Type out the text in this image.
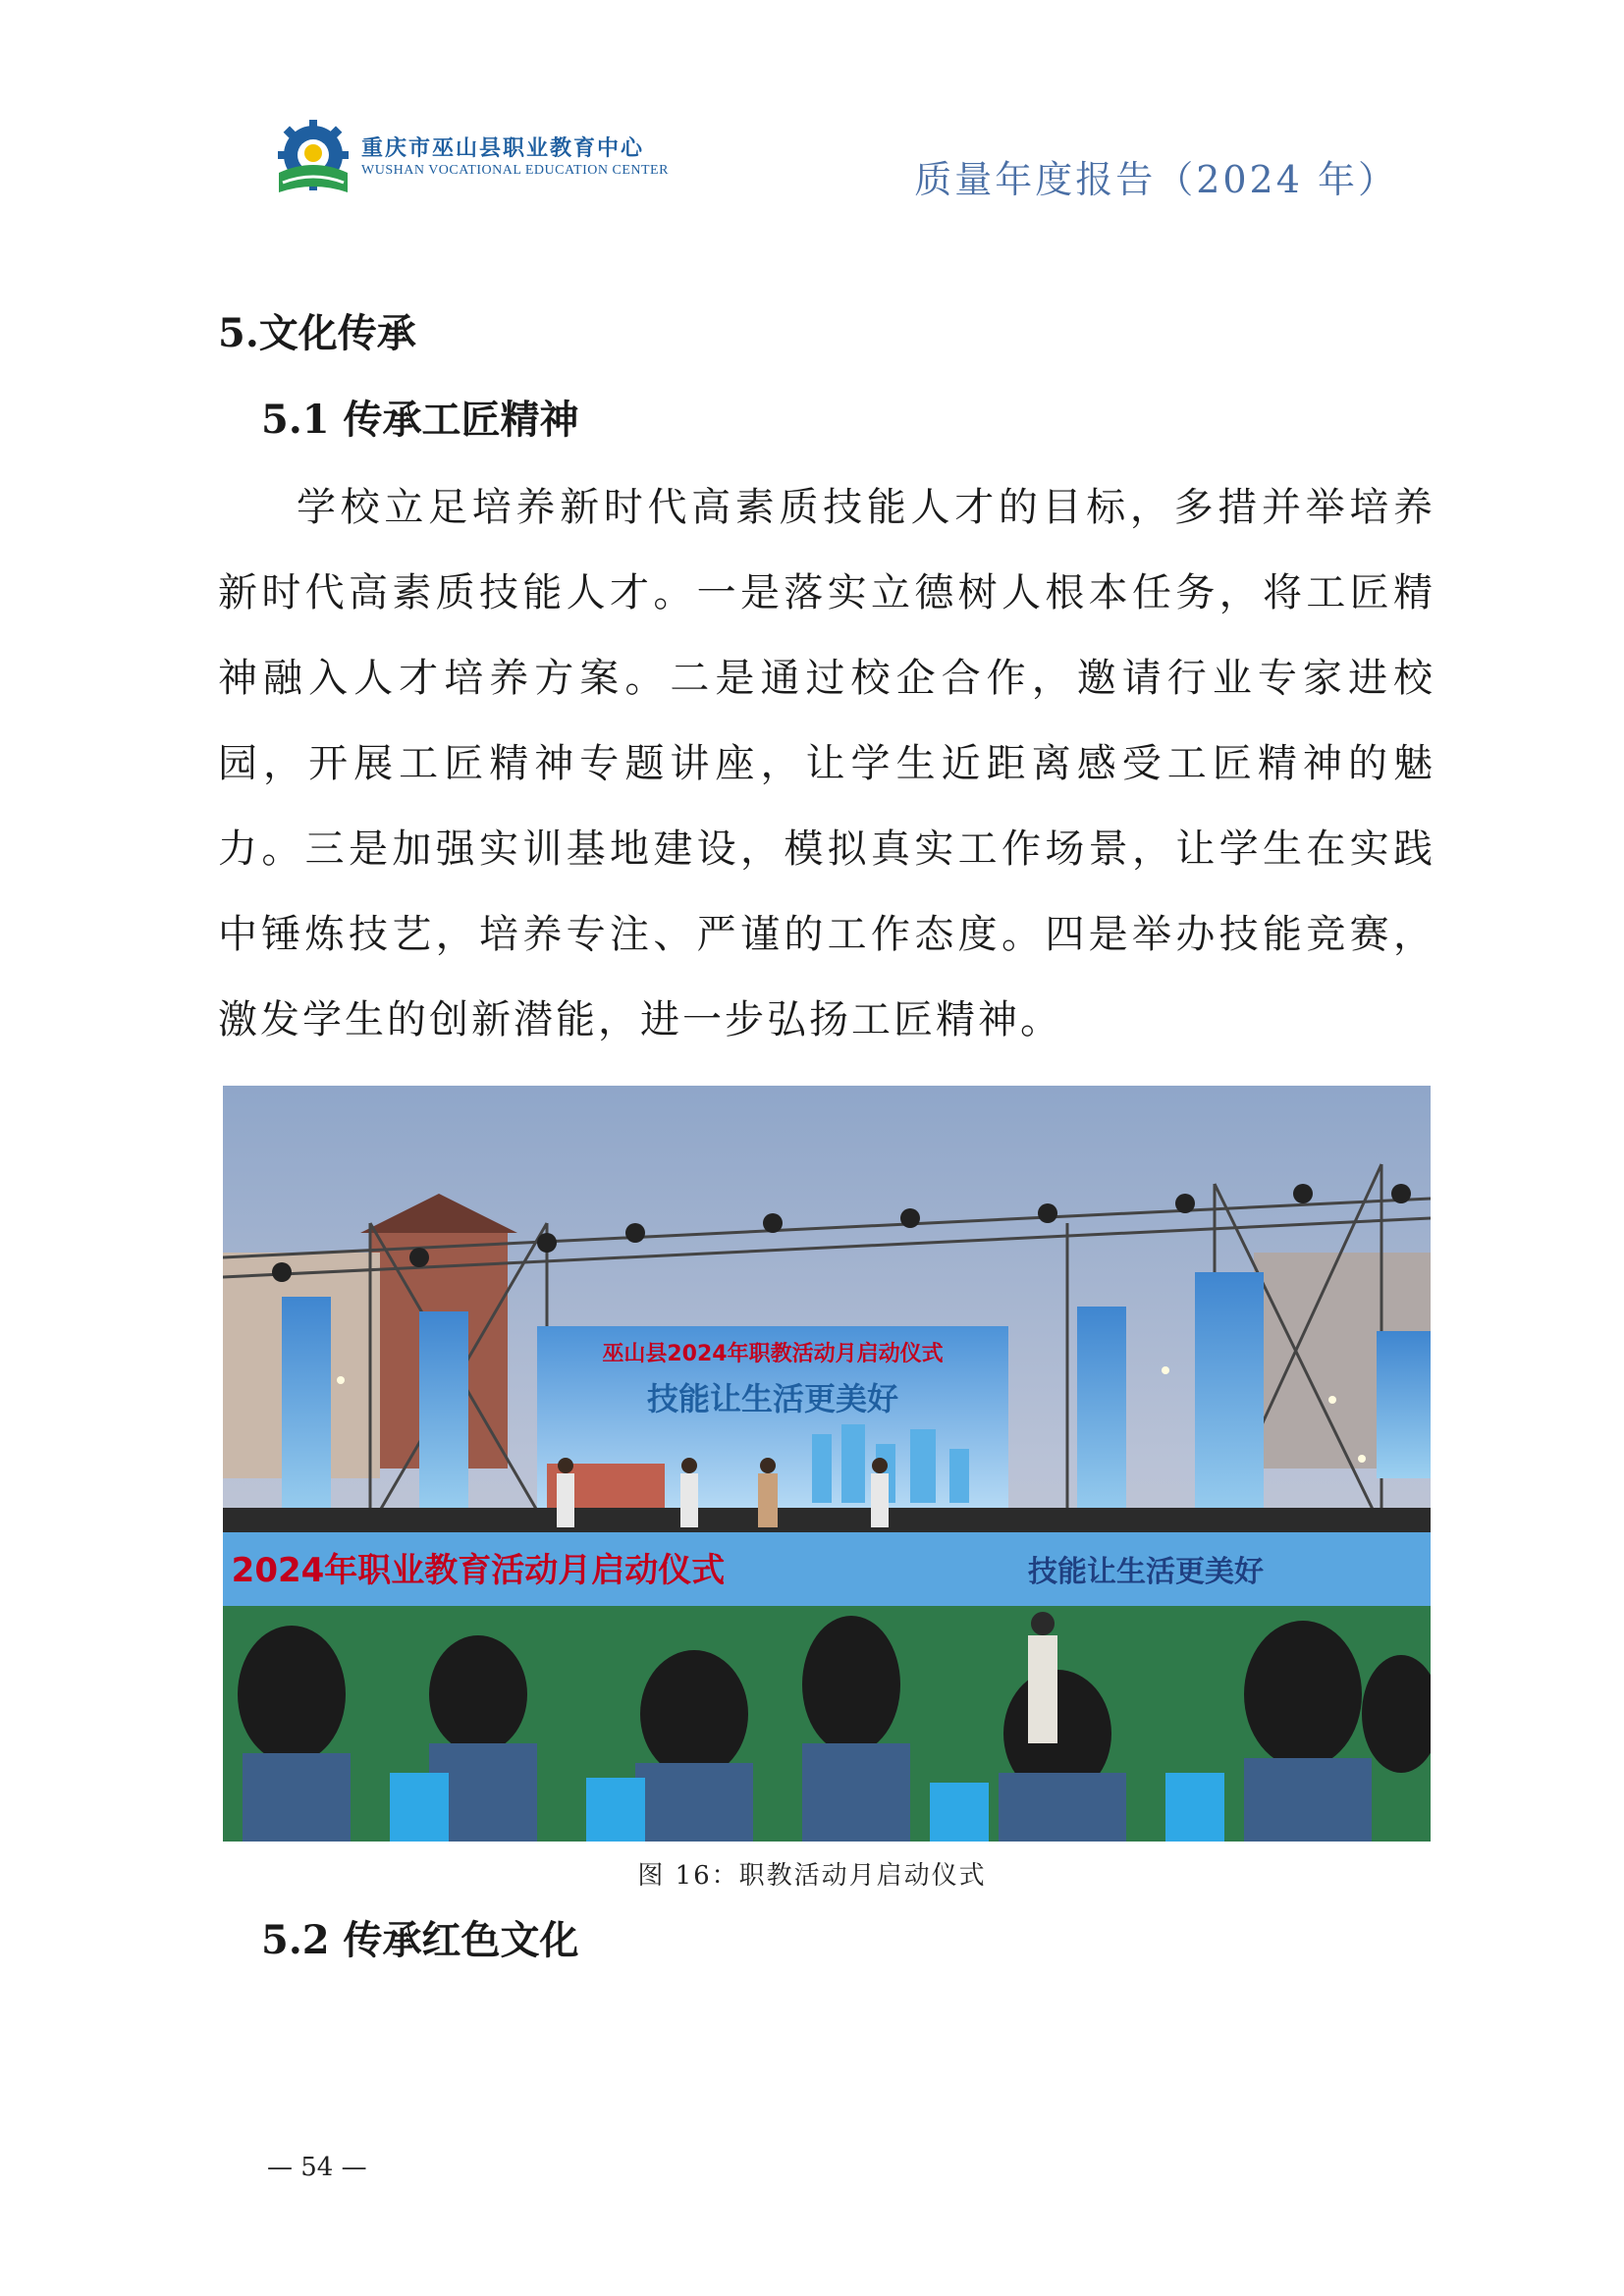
重庆市巫山县职业教育中心
WUSHAN VOCATIONAL EDUCATION CENTER	质量年度报告（2024 年）
5.文化传承
5.1 传承工匠精神

学校立足培养新时代高素质技能人才的目标，多措并举培养新时代高素质技能人才。一是落实立德树人根本任务，将工匠精神融入人才培养方案。二是通过校企合作，邀请行业专家进校园，开展工匠精神专题讲座，让学生近距离感受工匠精神的魅力。三是加强实训基地建设，模拟真实工作场景，让学生在实践中锤炼技艺，培养专注、严谨的工作态度。四是举办技能竞赛，激发学生的创新潜能，进一步弘扬工匠精神。

巫山县2024年职教活动月启动仪式
技能让生活更美好
2024年职业教育活动月启动仪式	技能让生活更美好
图 16：职教活动月启动仪式
5.2 传承红色文化
— 54 —
